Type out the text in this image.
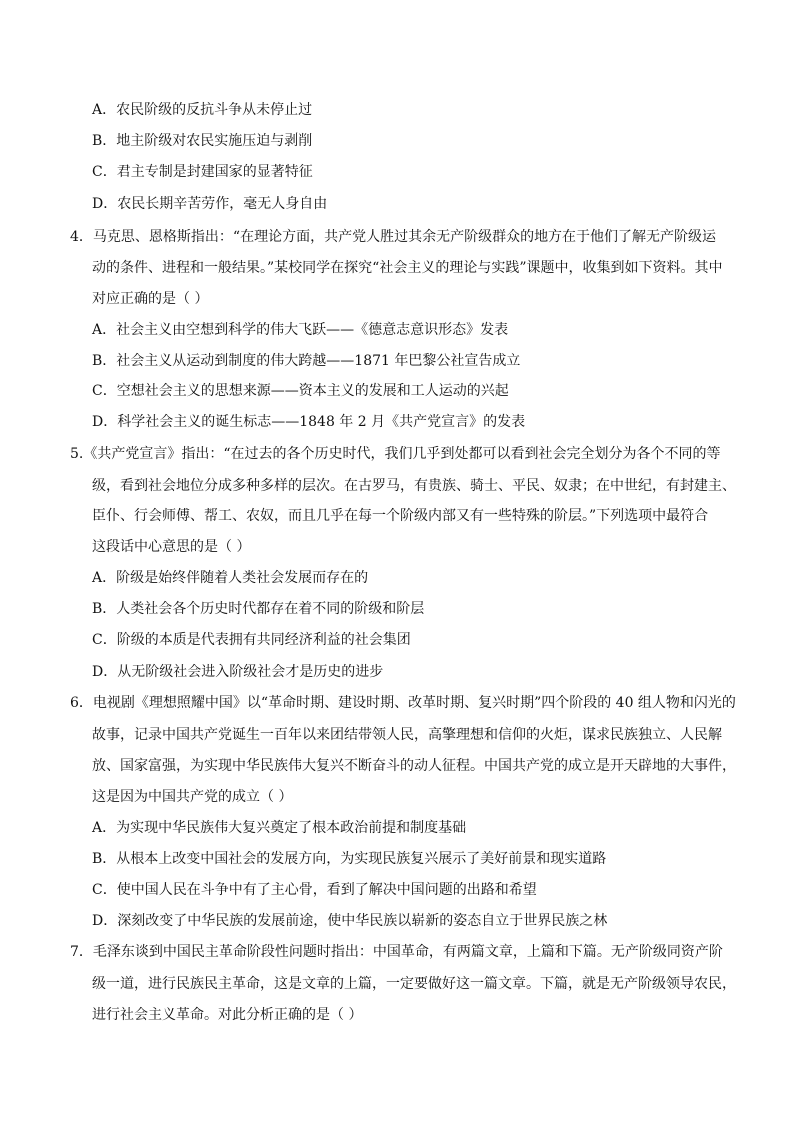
A．农民阶级的反抗斗争从未停止过
B．地主阶级对农民实施压迫与剥削
C．君主专制是封建国家的显著特征
D．农民长期辛苦劳作，毫无人身自由
4．马克思、恩格斯指出：“在理论方面，共产党人胜过其余无产阶级群众的地方在于他们了解无产阶级运
动的条件、进程和一般结果。”某校同学在探究“社会主义的理论与实践”课题中，收集到如下资料。其中
对应正确的是（ ）
A．社会主义由空想到科学的伟大飞跃——《德意志意识形态》发表
B．社会主义从运动到制度的伟大跨越——1871 年巴黎公社宣告成立
C．空想社会主义的思想来源——资本主义的发展和工人运动的兴起
D．科学社会主义的诞生标志——1848 年 2 月《共产党宣言》的发表
5.《共产党宣言》指出：“在过去的各个历史时代，我们几乎到处都可以看到社会完全划分为各个不同的等
级，看到社会地位分成多种多样的层次。在古罗马，有贵族、骑士、平民、奴隶；在中世纪，有封建主、
臣仆、行会师傅、帮工、农奴，而且几乎在每一个阶级内部又有一些特殊的阶层。”下列选项中最符合
这段话中心意思的是（ ）
A．阶级是始终伴随着人类社会发展而存在的
B．人类社会各个历史时代都存在着不同的阶级和阶层
C．阶级的本质是代表拥有共同经济利益的社会集团
D．从无阶级社会进入阶级社会才是历史的进步
6．电视剧《理想照耀中国》以“革命时期、建设时期、改革时期、复兴时期”四个阶段的 40 组人物和闪光的
故事，记录中国共产党诞生一百年以来团结带领人民，高擎理想和信仰的火炬，谋求民族独立、人民解
放、国家富强，为实现中华民族伟大复兴不断奋斗的动人征程。中国共产党的成立是开天辟地的大事件，
这是因为中国共产党的成立（ ）
A．为实现中华民族伟大复兴奠定了根本政治前提和制度基础
B．从根本上改变中国社会的发展方向，为实现民族复兴展示了美好前景和现实道路
C．使中国人民在斗争中有了主心骨，看到了解决中国问题的出路和希望
D．深刻改变了中华民族的发展前途，使中华民族以崭新的姿态自立于世界民族之林
7．毛泽东谈到中国民主革命阶段性问题时指出：中国革命，有两篇文章，上篇和下篇。无产阶级同资产阶
级一道，进行民族民主革命，这是文章的上篇，一定要做好这一篇文章。下篇，就是无产阶级领导农民，
进行社会主义革命。对此分析正确的是（ ）
